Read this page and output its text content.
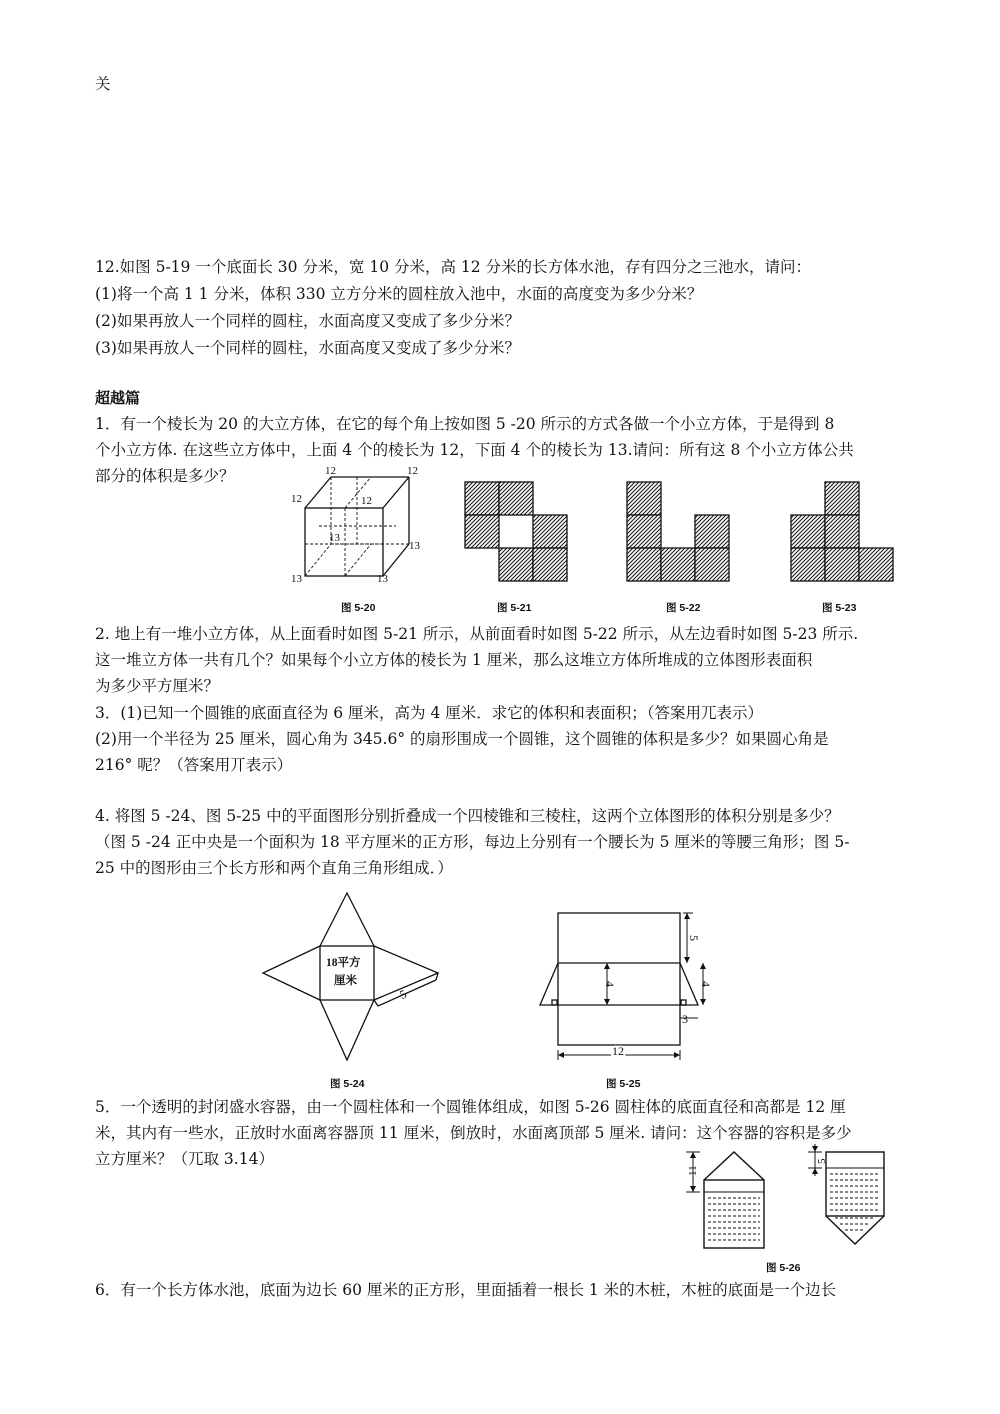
关
12.如图 5-19 一个底面长 30 分米，宽 10 分米，高 12 分米的长方体水池，存有四分之三池水，请问：
(1)将一个高 1 1 分米，体积 330 立方分米的圆柱放入池中，水面的高度变为多少分米？
(2)如果再放人一个同样的圆柱，水面高度又变成了多少分米？
(3)如果再放人一个同样的圆柱，水面高度又变成了多少分米？
超越篇
1．有一个棱长为 20 的大立方体，在它的每个角上按如图 5 -20 所示的方式各做一个小立方体，于是得到 8
个小立方体. 在这些立方体中，上面 4 个的棱长为 12，下面 4 个的棱长为 13.请问：所有这 8 个小立方体公共
部分的体积是多少？	12	12
12	12
13
13
13	13
图 5-20	图 5-21	图 5-22	图 5-23
2. 地上有一堆小立方体，从上面看时如图 5-21 所示，从前面看时如图 5-22 所示，从左边看时如图 5-23 所示.
这一堆立方体一共有几个？如果每个小立方体的棱长为 1 厘米，那么这堆立方体所堆成的立体图形表面积
为多少平方厘米？
3．(1)已知一个圆锥的底面直径为 6 厘米，高为 4 厘米．求它的体积和表面积；（答案用兀表示）
(2)用一个半径为 25 厘米，圆心角为 345.6° 的扇形围成一个圆锥，这个圆锥的体积是多少？如果圆心角是
216° 呢？（答案用丌表示）
4. 将图 5 -24、图 5-25 中的平面图形分别折叠成一个四棱锥和三棱柱，这两个立体图形的体积分别是多少？
（图 5 -24 正中央是一个面积为 18 平方厘米的正方形，每边上分别有一个腰长为 5 厘米的等腰三角形；图 5-
25 中的图形由三个长方形和两个直角三角形组成．）
18平方
厘米
5
图 5-24
5
4	4
3
12
图 5-25
5．一个透明的封闭盛水容器，由一个圆柱体和一个圆锥体组成，如图 5-26 圆柱体的底面直径和高都是 12 厘
米，其内有一些水，正放时水面离容器顶 11 厘米，倒放时，水面离顶部 5 厘米. 请问：这个容器的容积是多少
立方厘米？（兀取 3.14）
11
5
图 5-26
6．有一个长方体水池，底面为边长 60 厘米的正方形，里面插着一根长 1 米的木桩，木桩的底面是一个边长
